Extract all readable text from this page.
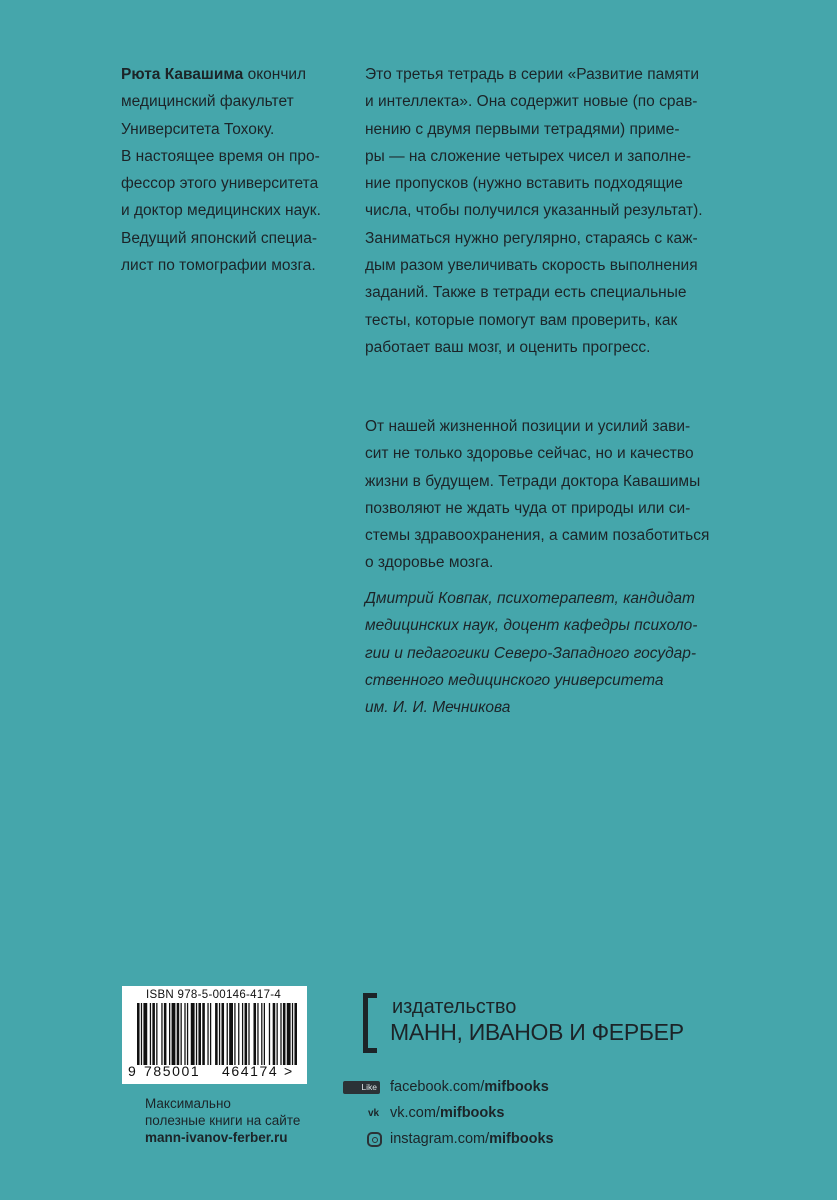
Рюта Кавашима окончил
медицинский факультет
Университета Тохоку.
В настоящее время он про-
фессор этого университета
и доктор медицинских наук.
Ведущий японский специа-
лист по томографии мозга.
Это третья тетрадь в серии «Развитие памяти
и интеллекта». Она содержит новые (по срав-
нению с двумя первыми тетрадями) приме-
ры — на сложение четырех чисел и заполне-
ние пропусков (нужно вставить подходящие
числа, чтобы получился указанный результат).
Заниматься нужно регулярно, стараясь с каж-
дым разом увеличивать скорость выполнения
заданий. Также в тетради есть специальные
тесты, которые помогут вам проверить, как
работает ваш мозг, и оценить прогресс.
От нашей жизненной позиции и усилий зави-
сит не только здоровье сейчас, но и качество
жизни в будущем. Тетради доктора Кавашимы
позволяют не ждать чуда от природы или си-
стемы здравоохранения, а самим позаботиться
о здоровье мозга.
Дмитрий Ковпак, психотерапевт, кандидат
медицинских наук, доцент кафедры психоло-
гии и педагогики Северо-Западного государ-
ственного медицинского университета
им. И. И. Мечникова
ISBN 978-5-00146-417-4
9 785001 464174 >
Максимально
полезные книги на сайте
mann-ivanov-ferber.ru
издательство
МАНН, ИВАНОВ И ФЕРБЕР
Like facebook.com/mifbooks
vk vk.com/mifbooks
instagram.com/mifbooks
